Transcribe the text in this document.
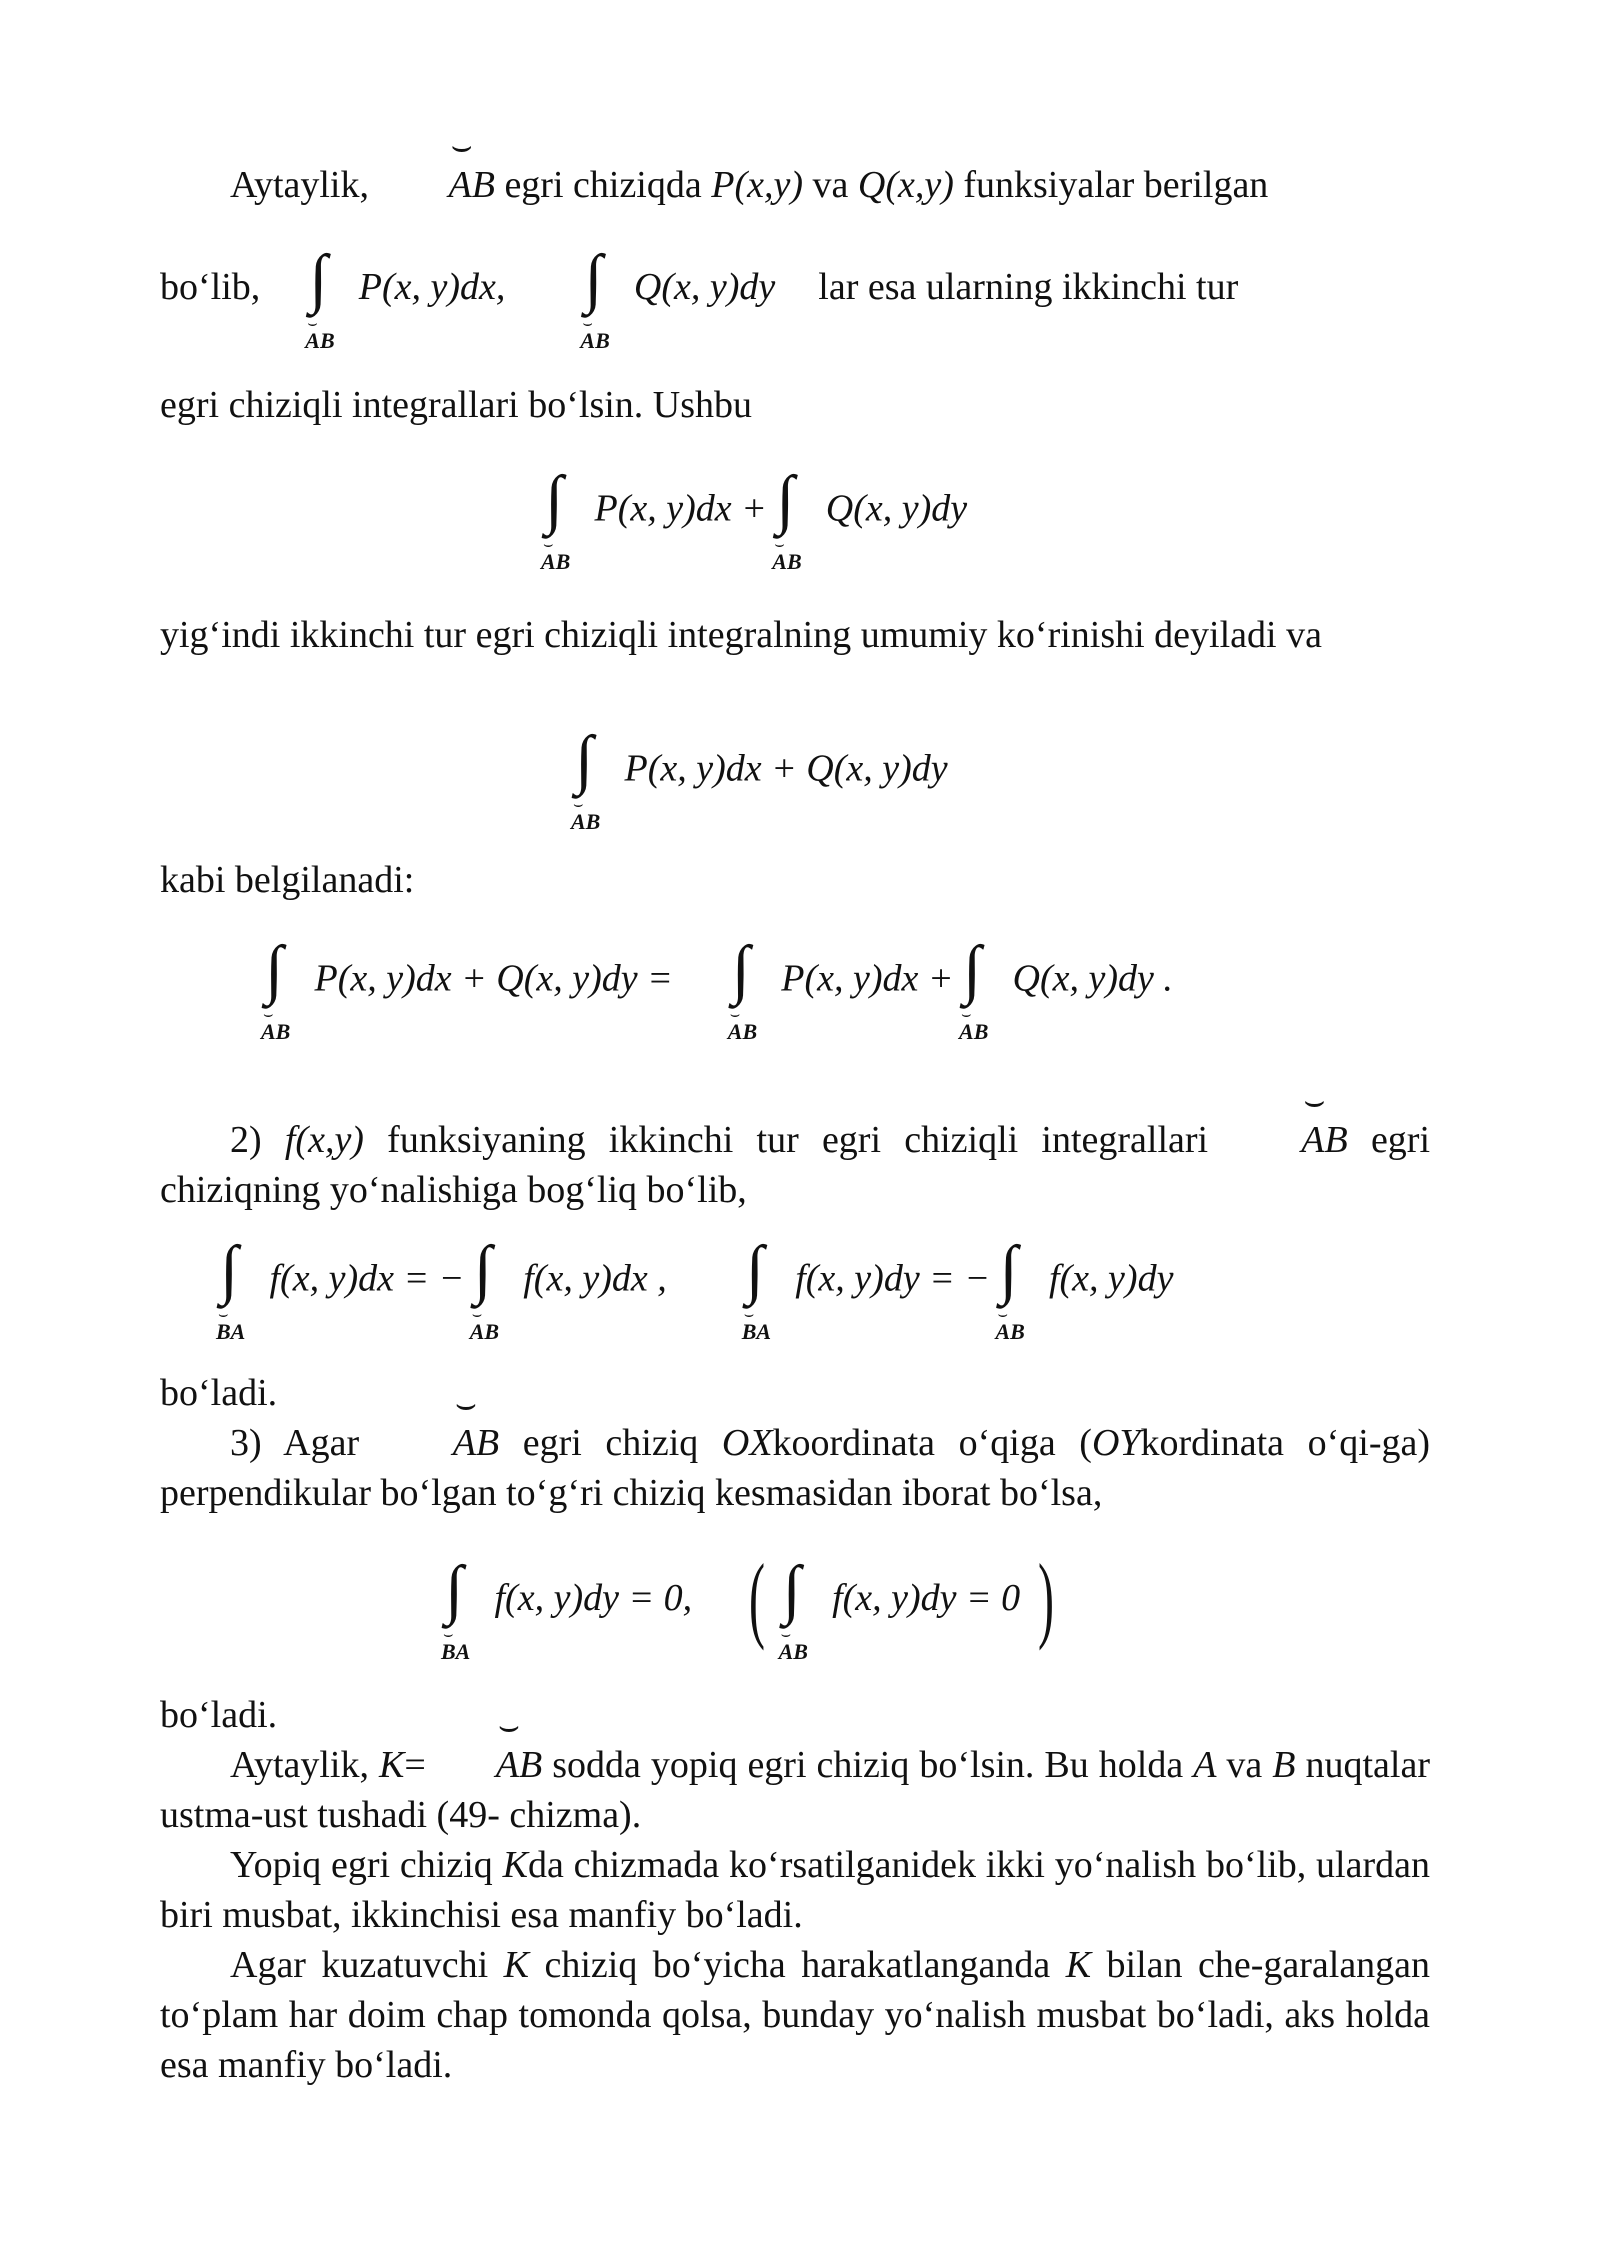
Aytaylik, ⌣ AB egri chiziqda P(x,y) va Q(x,y) funksiyalar berilgan

bo‘lib, ∫
⌣ AB
P(x, y)dx, ∫
⌣ AB
Q(x, y)dy lar esa ularning ikkinchi tur

egri chiziqli integrallari bo‘lsin. Ushbu

∫
⌣ AB
P(x, y)dx + ∫
⌣ AB
Q(x, y)dy

yig‘indi ikkinchi tur egri chiziqli integralning umumiy ko‘rinishi deyiladi va

∫
⌣ AB
P(x, y)dx + Q(x, y)dy

kabi belgilanadi:

∫
⌣ AB
P(x, y)dx + Q(x, y)dy = ∫
⌣ AB
P(x, y)dx + ∫
⌣ AB
Q(x, y)dy .

2) f(x,y) funksiyaning ikkinchi tur egri chiziqli integrallari ⌣ AB egri chiziqning yo‘nalishiga bog‘liq bo‘lib,

∫
⌣ BA
f(x, y)dx = − ∫
⌣ AB
f(x, y)dx , ∫
⌣ BA
f(x, y)dy = − ∫
⌣ AB
f(x, y)dy

bo‘ladi.

3) Agar ⌣ AB egri chiziq OXkoordinata o‘qiga (OYkordinata o‘qi-ga) perpendikular bo‘lgan to‘g‘ri chiziq kesmasidan iborat bo‘lsa,

∫
⌣ BA
f(x, y)dy = 0, ( ∫
⌣ AB
f(x, y)dy = 0 )

bo‘ladi.

Aytaylik, K= ⌣ AB sodda yopiq egri chiziq bo‘lsin. Bu holda A va B nuqtalar ustma-ust tushadi (49- chizma).

Yopiq egri chiziq Kda chizmada ko‘rsatilganidek ikki yo‘nalish bo‘lib, ulardan biri musbat, ikkinchisi esa manfiy bo‘ladi.

Agar kuzatuvchi K chiziq bo‘yicha harakatlanganda K bilan che-garalangan to‘plam har doim chap tomonda qolsa, bunday yo‘nalish musbat bo‘ladi, aks holda esa manfiy bo‘ladi.
